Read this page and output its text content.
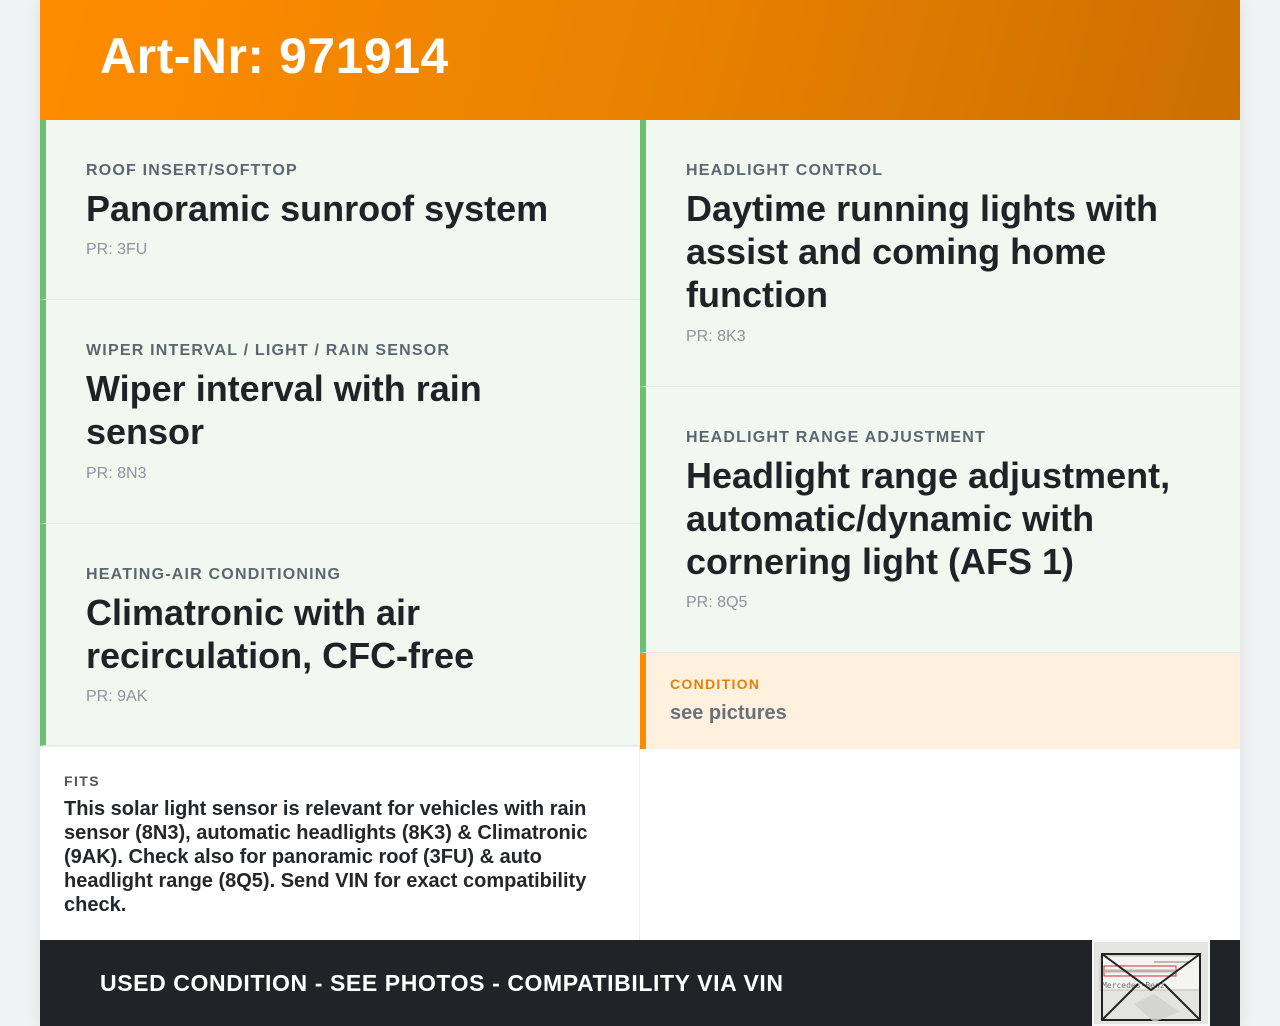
Art-Nr: 971914
ROOF INSERT/SOFTTOP
Panoramic sunroof system
PR: 3FU
WIPER INTERVAL / LIGHT / RAIN SENSOR
Wiper interval with rain sensor
PR: 8N3
HEATING-AIR CONDITIONING
Climatronic with air recirculation, CFC-free
PR: 9AK
FITS

This solar light sensor is relevant for vehicles with rain sensor (8N3), automatic headlights (8K3) & Climatronic (9AK). Check also for panoramic roof (3FU) & auto headlight range (8Q5). Send VIN for exact compatibility check.

HEADLIGHT CONTROL
Daytime running lights with assist and coming home function
PR: 8K3
HEADLIGHT RANGE ADJUSTMENT
Headlight range adjustment, automatic/dynamic with cornering light (AFS 1)
PR: 8Q5
CONDITION
see pictures
USED CONDITION - SEE PHOTOS - COMPATIBILITY VIA VIN	Mercedes-Benz
